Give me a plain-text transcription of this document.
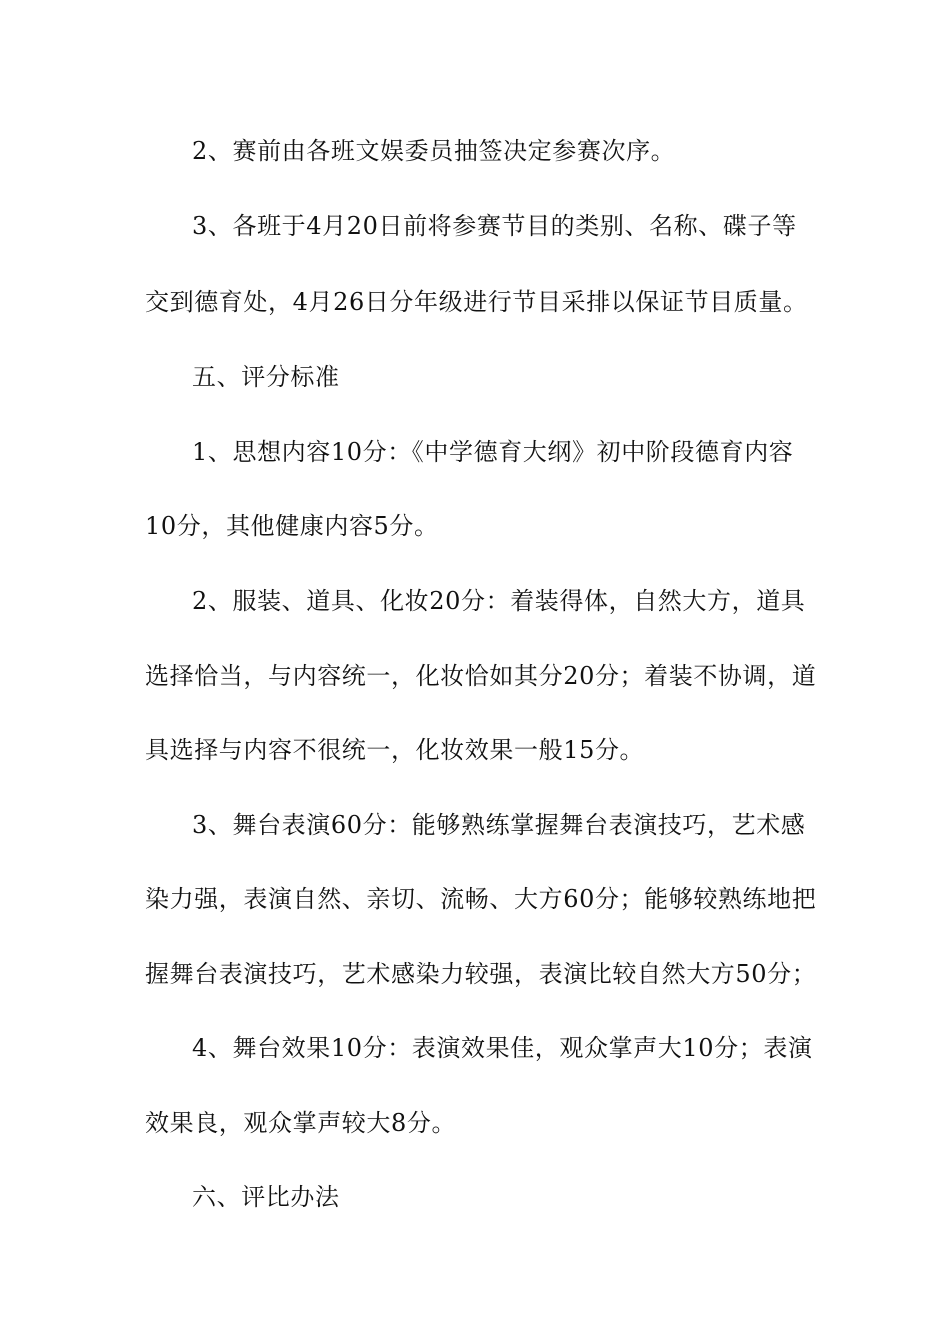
2、赛前由各班文娱委员抽签决定参赛次序。
3、各班于4月20日前将参赛节目的类别、名称、碟子等
交到德育处，4月26日分年级进行节目采排以保证节目质量。
五、评分标准
1、思想内容10分：《中学德育大纲》初中阶段德育内容
10分，其他健康内容5分。
2、服装、道具、化妆20分：着装得体，自然大方，道具
选择恰当，与内容统一，化妆恰如其分20分；着装不协调，道
具选择与内容不很统一，化妆效果一般15分。
3、舞台表演60分：能够熟练掌握舞台表演技巧，艺术感
染力强，表演自然、亲切、流畅、大方60分；能够较熟练地把
握舞台表演技巧，艺术感染力较强，表演比较自然大方50分；
4、舞台效果10分：表演效果佳，观众掌声大10分；表演
效果良，观众掌声较大8分。
六、评比办法
